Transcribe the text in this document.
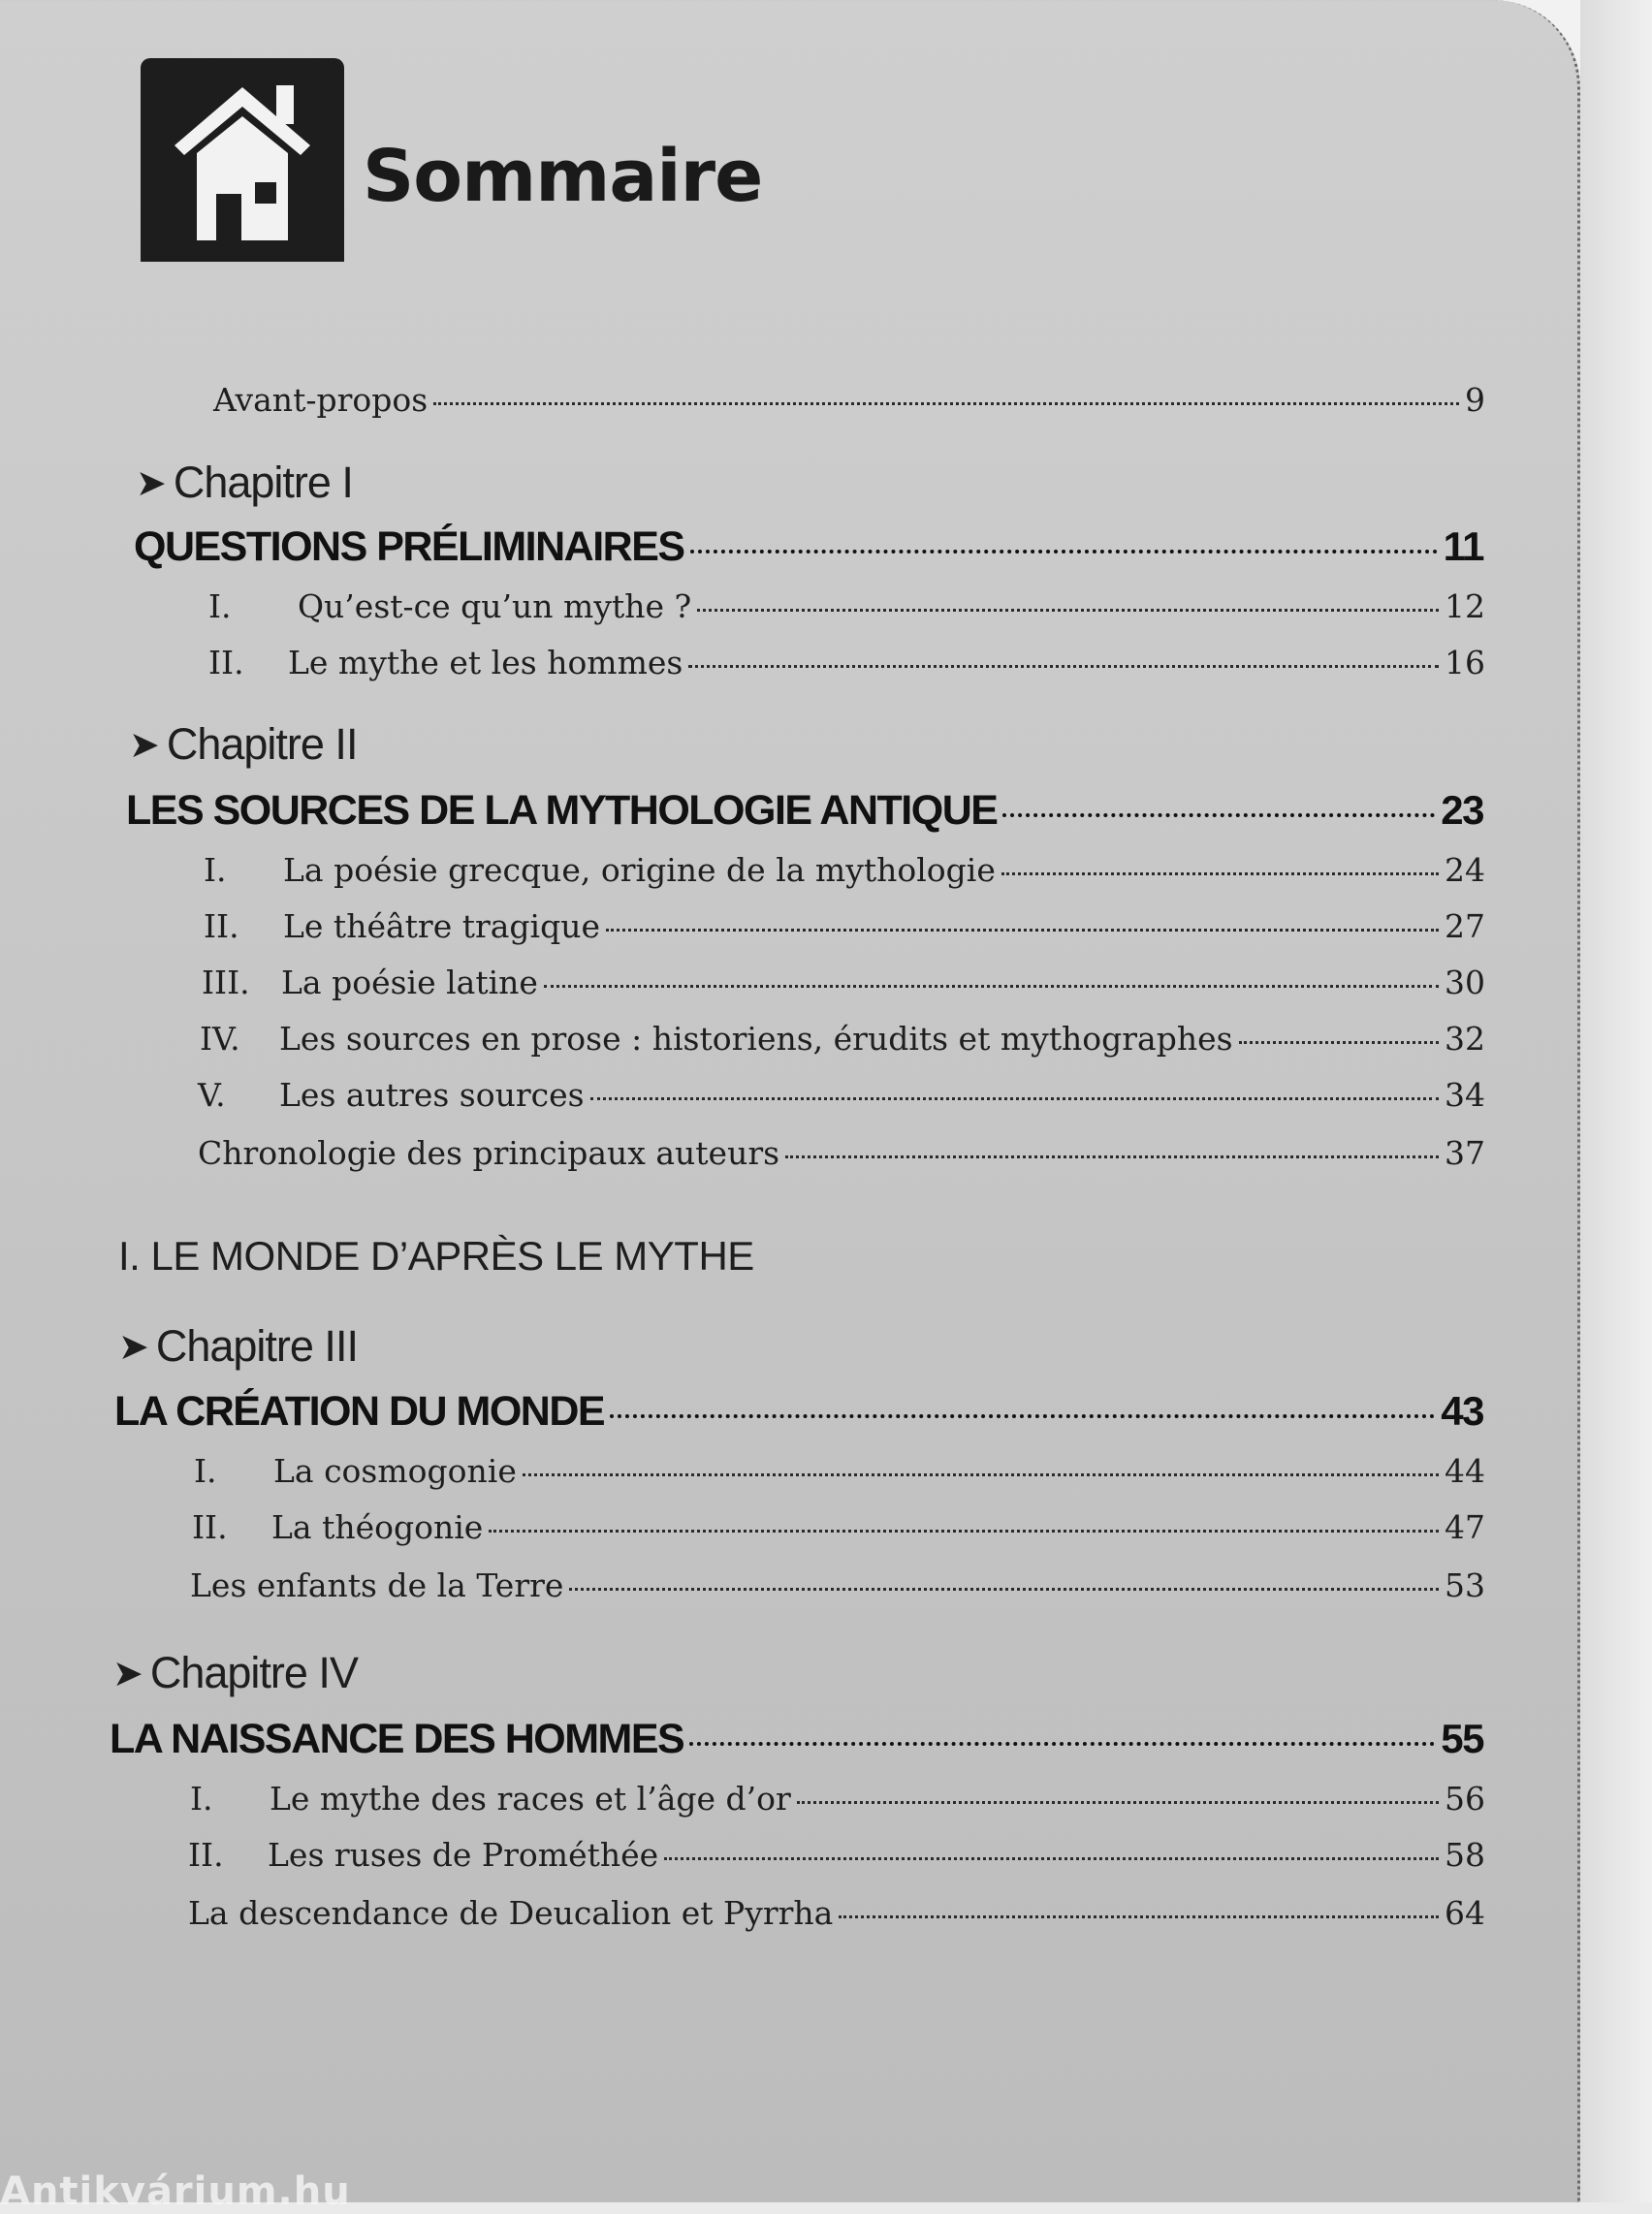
Sommaire
Avant-propos	9
➤ Chapitre I
QUESTIONS PRÉLIMINAIRES	11
I.	Qu’est-ce qu’un mythe ?	12
II.	Le mythe et les hommes	16
➤ Chapitre II
LES SOURCES DE LA MYTHOLOGIE ANTIQUE	23
I.	La poésie grecque, origine de la mythologie	24
II.	Le théâtre tragique	27
III. La poésie latine	30
IV.	Les sources en prose : historiens, érudits et mythographes	32
V.	Les autres sources	34
Chronologie des principaux auteurs	37
I. LE MONDE D’APRÈS LE MYTHE
➤ Chapitre III
LA CRÉATION DU MONDE	43
I.	La cosmogonie	44
II.	La théogonie	47
Les enfants de la Terre	53
➤ Chapitre IV
LA NAISSANCE DES HOMMES	55
I.	Le mythe des races et l’âge d’or	56
II.	Les ruses de Prométhée	58
La descendance de Deucalion et Pyrrha	64
Antikvárium.hu
